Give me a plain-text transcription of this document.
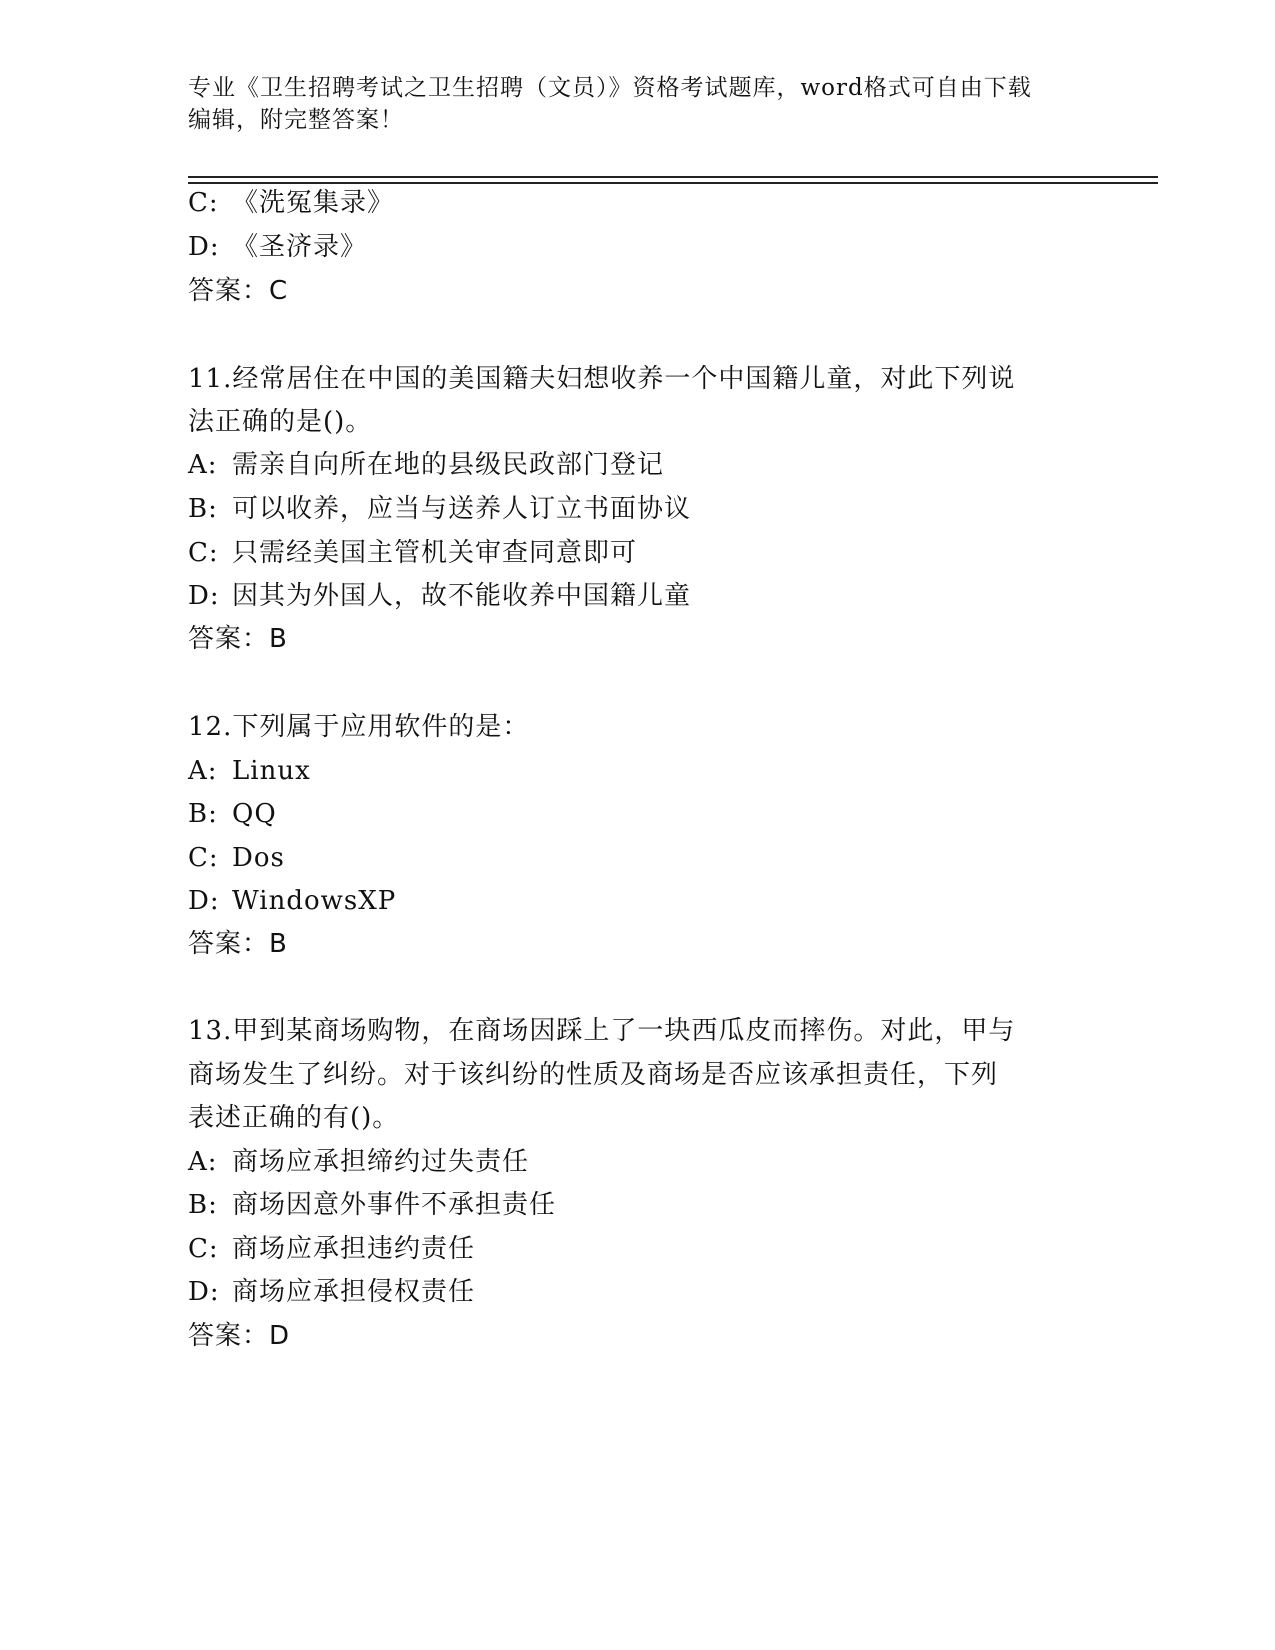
专业《卫生招聘考试之卫生招聘（文员）》资格考试题库，word格式可自由下载
编辑，附完整答案！
C: 《洗冤集录》
D: 《圣济录》
答案：C
11.经常居住在中国的美国籍夫妇想收养一个中国籍儿童，对此下列说
法正确的是()。
A: 需亲自向所在地的县级民政部门登记
B: 可以收养，应当与送养人订立书面协议
C: 只需经美国主管机关审查同意即可
D: 因其为外国人，故不能收养中国籍儿童
答案：B
12.下列属于应用软件的是：
A: Linux
B: QQ
C: Dos
D: WindowsXP
答案：B
13.甲到某商场购物，在商场因踩上了一块西瓜皮而摔伤。对此，甲与
商场发生了纠纷。对于该纠纷的性质及商场是否应该承担责任，下列
表述正确的有()。
A: 商场应承担缔约过失责任
B: 商场因意外事件不承担责任
C: 商场应承担违约责任
D: 商场应承担侵权责任
答案：D
